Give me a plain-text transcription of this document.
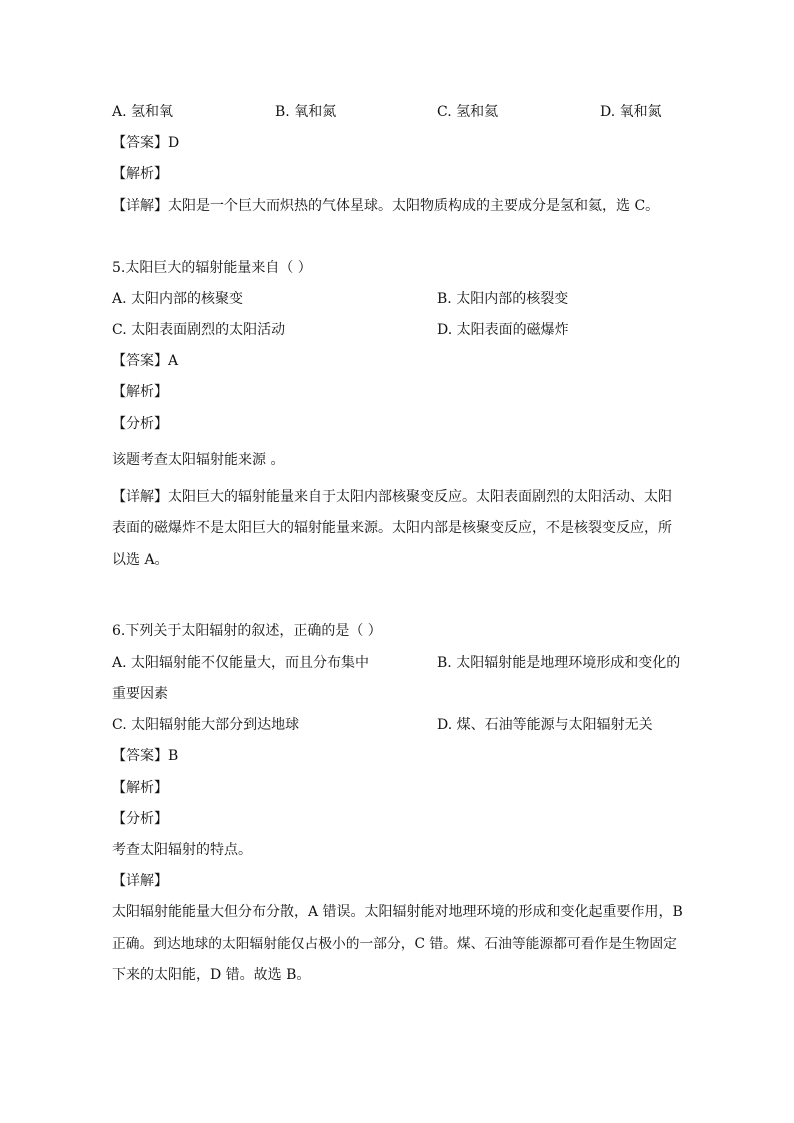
A. 氢和氧	B. 氧和氮	C. 氢和氦	D. 氧和氮
【答案】D
【解析】
【详解】太阳是一个巨大而炽热的气体星球。太阳物质构成的主要成分是氢和氦，选 C。
5.太阳巨大的辐射能量来自（ ）
A. 太阳内部的核聚变	B. 太阳内部的核裂变
C. 太阳表面剧烈的太阳活动	D. 太阳表面的磁爆炸
【答案】A
【解析】
【分析】
该题考查太阳辐射能来源 。
【详解】太阳巨大的辐射能量来自于太阳内部核聚变反应。太阳表面剧烈的太阳活动、太阳
表面的磁爆炸不是太阳巨大的辐射能量来源。太阳内部是核聚变反应，不是核裂变反应，所
以选 A。
6.下列关于太阳辐射的叙述，正确的是（ ）
A. 太阳辐射能不仅能量大，而且分布集中	B. 太阳辐射能是地理环境形成和变化的
重要因素
C. 太阳辐射能大部分到达地球	D. 煤、石油等能源与太阳辐射无关
【答案】B
【解析】
【分析】
考查太阳辐射的特点。
【详解】
太阳辐射能能量大但分布分散，A 错误。太阳辐射能对地理环境的形成和变化起重要作用，B
正确。到达地球的太阳辐射能仅占极小的一部分，C 错。煤、石油等能源都可看作是生物固定
下来的太阳能，D 错。故选 B。
